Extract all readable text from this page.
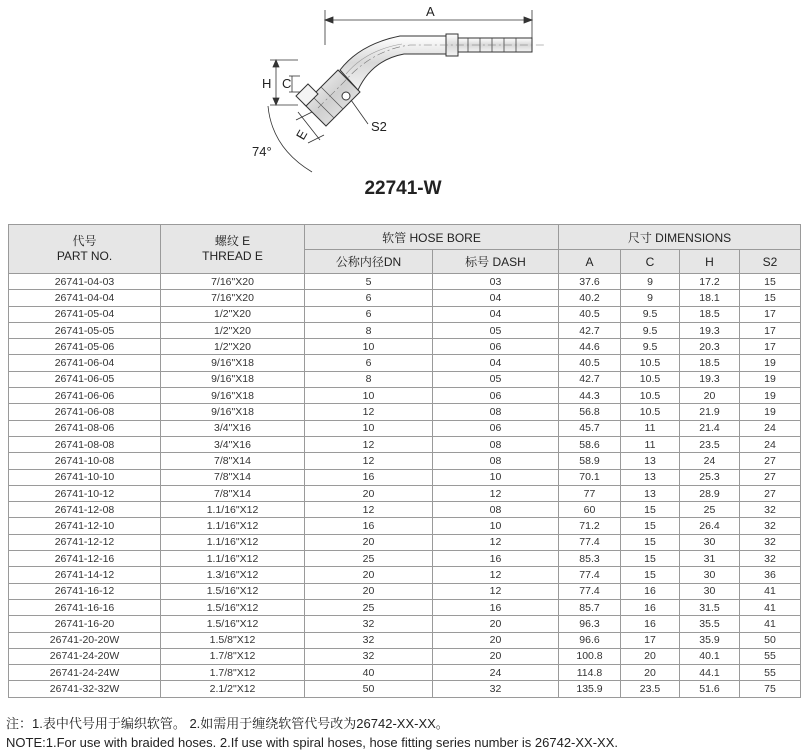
A
H C
E
74°
S2
22741-W
代号
PART NO.	螺纹 E
THREAD E	软管 HOSE BORE		尺寸 DIMENSIONS			
		公称内径DN	标号 DASH	A	C	H	S2
26741-04-03	7/16"X20	5	03	37.6	9	17.2	15
26741-04-04	7/16"X20	6	04	40.2	9	18.1	15
26741-05-04	1/2"X20	6	04	40.5	9.5	18.5	17
26741-05-05	1/2"X20	8	05	42.7	9.5	19.3	17
26741-05-06	1/2"X20	10	06	44.6	9.5	20.3	17
26741-06-04	9/16"X18	6	04	40.5	10.5	18.5	19
26741-06-05	9/16"X18	8	05	42.7	10.5	19.3	19
26741-06-06	9/16"X18	10	06	44.3	10.5	20	19
26741-06-08	9/16"X18	12	08	56.8	10.5	21.9	19
26741-08-06	3/4"X16	10	06	45.7	11	21.4	24
26741-08-08	3/4"X16	12	08	58.6	11	23.5	24
26741-10-08	7/8"X14	12	08	58.9	13	24	27
26741-10-10	7/8"X14	16	10	70.1	13	25.3	27
26741-10-12	7/8"X14	20	12	77	13	28.9	27
26741-12-08	1.1/16"X12	12	08	60	15	25	32
26741-12-10	1.1/16"X12	16	10	71.2	15	26.4	32
26741-12-12	1.1/16"X12	20	12	77.4	15	30	32
26741-12-16	1.1/16"X12	25	16	85.3	15	31	32
26741-14-12	1.3/16"X12	20	12	77.4	15	30	36
26741-16-12	1.5/16"X12	20	12	77.4	16	30	41
26741-16-16	1.5/16"X12	25	16	85.7	16	31.5	41
26741-16-20	1.5/16"X12	32	20	96.3	16	35.5	41
26741-20-20W	1.5/8"X12	32	20	96.6	17	35.9	50
26741-24-20W	1.7/8"X12	32	20	100.8	20	40.1	55
26741-24-24W	1.7/8"X12	40	24	114.8	20	44.1	55
26741-32-32W	2.1/2"X12	50	32	135.9	23.5	51.6	75
注：1.表中代号用于编织软管。 2.如需用于缠绕软管代号改为26742-XX-XX。
NOTE:1.For use with braided hoses. 2.If use with spiral hoses, hose fitting series number is 26742-XX-XX.
